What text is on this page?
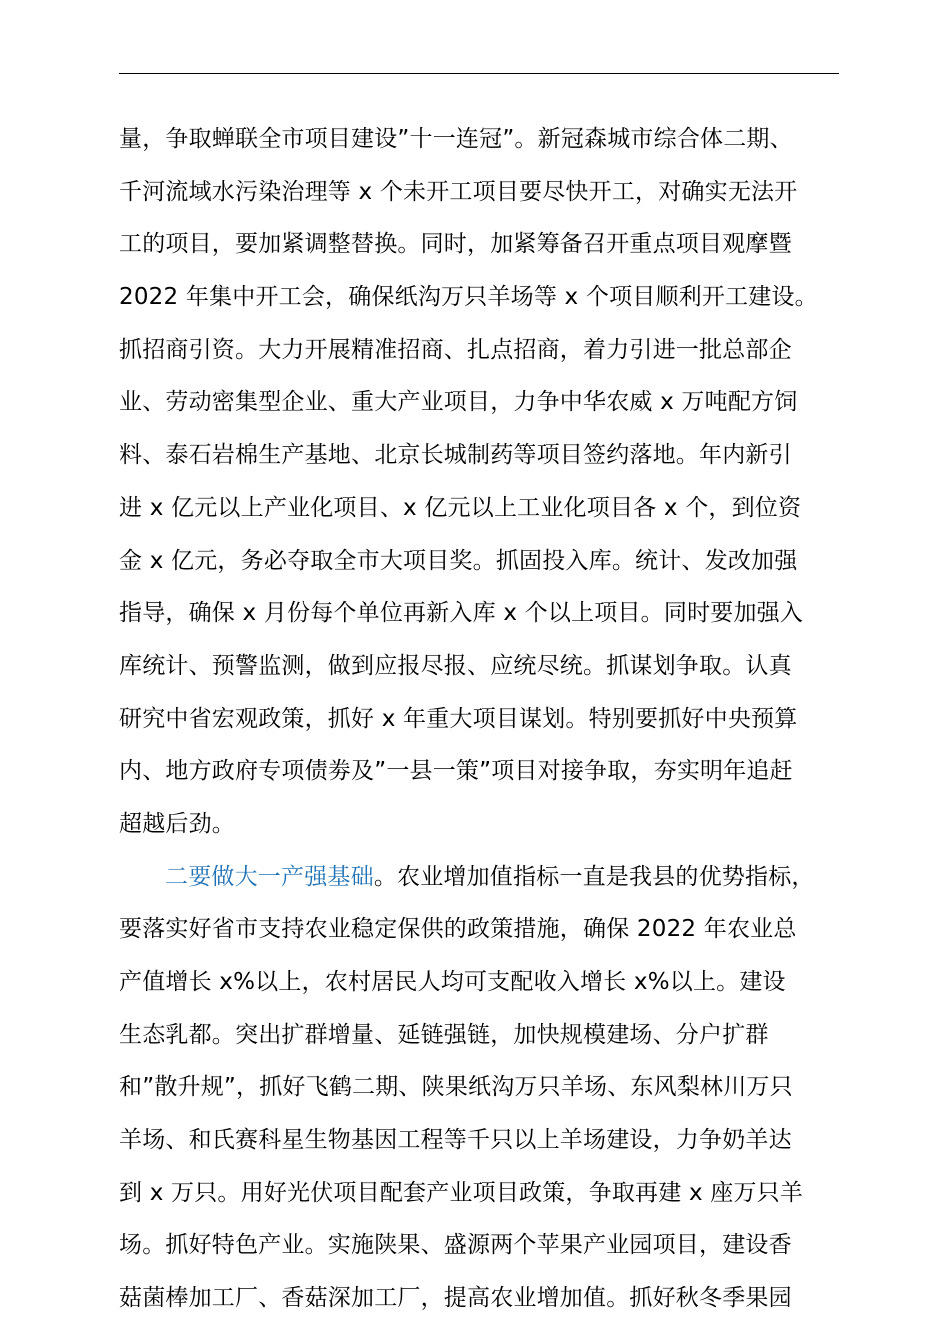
量，争取蝉联全市项目建设”十一连冠”。新冠森城市综合体二期、
千河流域水污染治理等 x 个未开工项目要尽快开工，对确实无法开
工的项目，要加紧调整替换。同时，加紧筹备召开重点项目观摩暨
2022 年集中开工会，确保纸沟万只羊场等 x 个项目顺利开工建设。
抓招商引资。大力开展精准招商、扎点招商，着力引进一批总部企
业、劳动密集型企业、重大产业项目，力争中华农威 x 万吨配方饲
料、泰石岩棉生产基地、北京长城制药等项目签约落地。年内新引
进 x 亿元以上产业化项目、x 亿元以上工业化项目各 x 个，到位资
金 x 亿元，务必夺取全市大项目奖。抓固投入库。统计、发改加强
指导，确保 x 月份每个单位再新入库 x 个以上项目。同时要加强入
库统计、预警监测，做到应报尽报、应统尽统。抓谋划争取。认真
研究中省宏观政策，抓好 x 年重大项目谋划。特别要抓好中央预算
内、地方政府专项债劵及”一县一策”项目对接争取，夯实明年追赶
超越后劲。
二要做大一产强基础。农业增加值指标一直是我县的优势指标，
要落实好省市支持农业稳定保供的政策措施，确保 2022 年农业总
产值增长 x%以上，农村居民人均可支配收入增长 x%以上。建设
生态乳都。突出扩群增量、延链强链，加快规模建场、分户扩群
和”散升规”，抓好飞鹤二期、陕果纸沟万只羊场、东风梨林川万只
羊场、和氏赛科星生物基因工程等千只以上羊场建设，力争奶羊达
到 x 万只。用好光伏项目配套产业项目政策，争取再建 x 座万只羊
场。抓好特色产业。实施陕果、盛源两个苹果产业园项目，建设香
菇菌棒加工厂、香菇深加工厂，提高农业增加值。抓好秋冬季果园
